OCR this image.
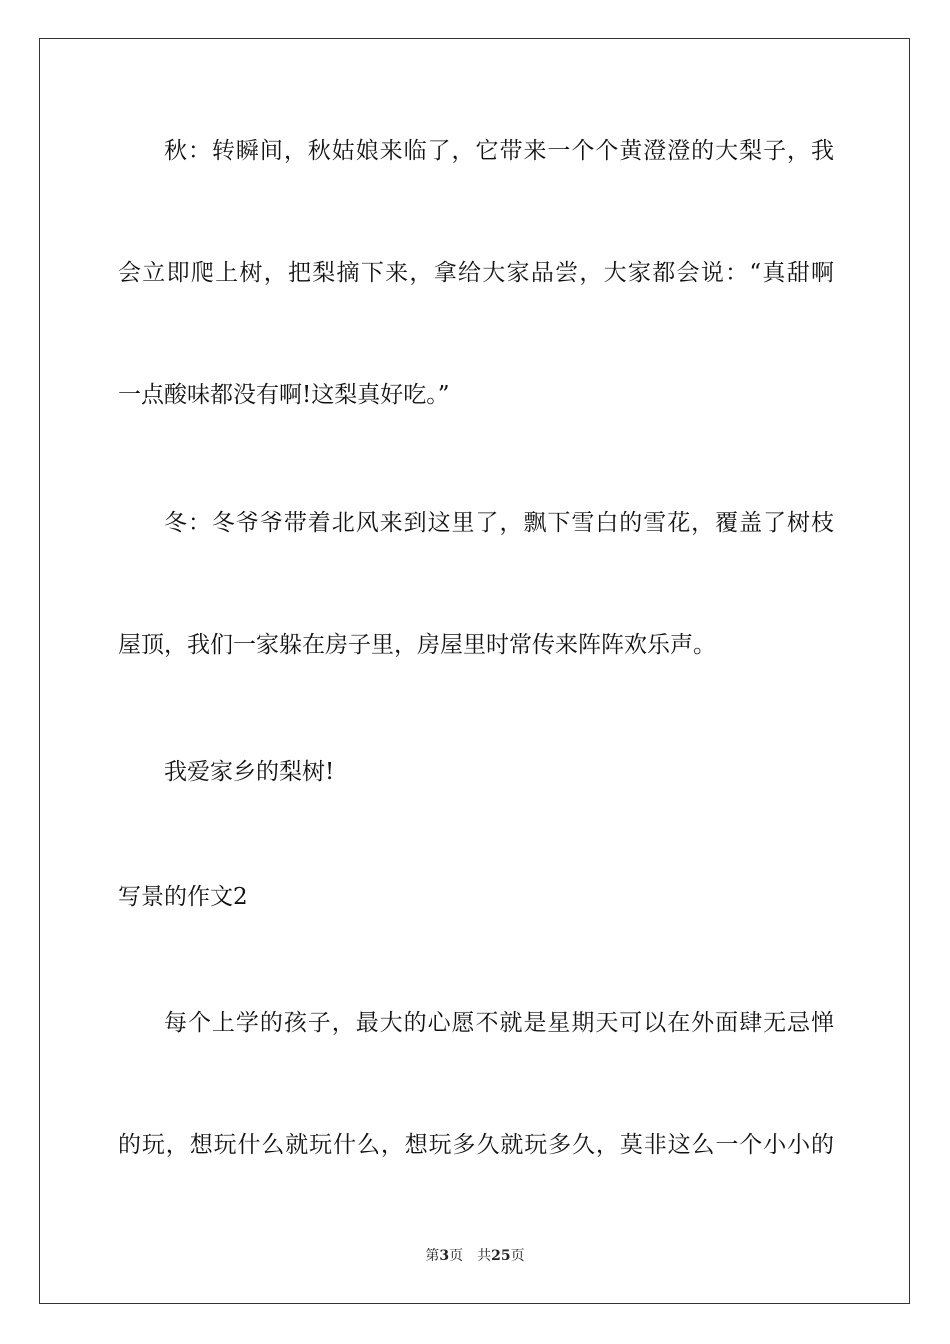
秋：转瞬间，秋姑娘来临了，它带来一个个黄澄澄的大梨子，我
会立即爬上树，把梨摘下来，拿给大家品尝，大家都会说：“真甜啊
一点酸味都没有啊!这梨真好吃。”
冬：冬爷爷带着北风来到这里了，飘下雪白的雪花，覆盖了树枝
屋顶，我们一家躲在房子里，房屋里时常传来阵阵欢乐声。
我爱家乡的梨树!
写景的作文2
每个上学的孩子，最大的心愿不就是星期天可以在外面肆无忌惮
的玩，想玩什么就玩什么，想玩多久就玩多久，莫非这么一个小小的
第3页 共25页
